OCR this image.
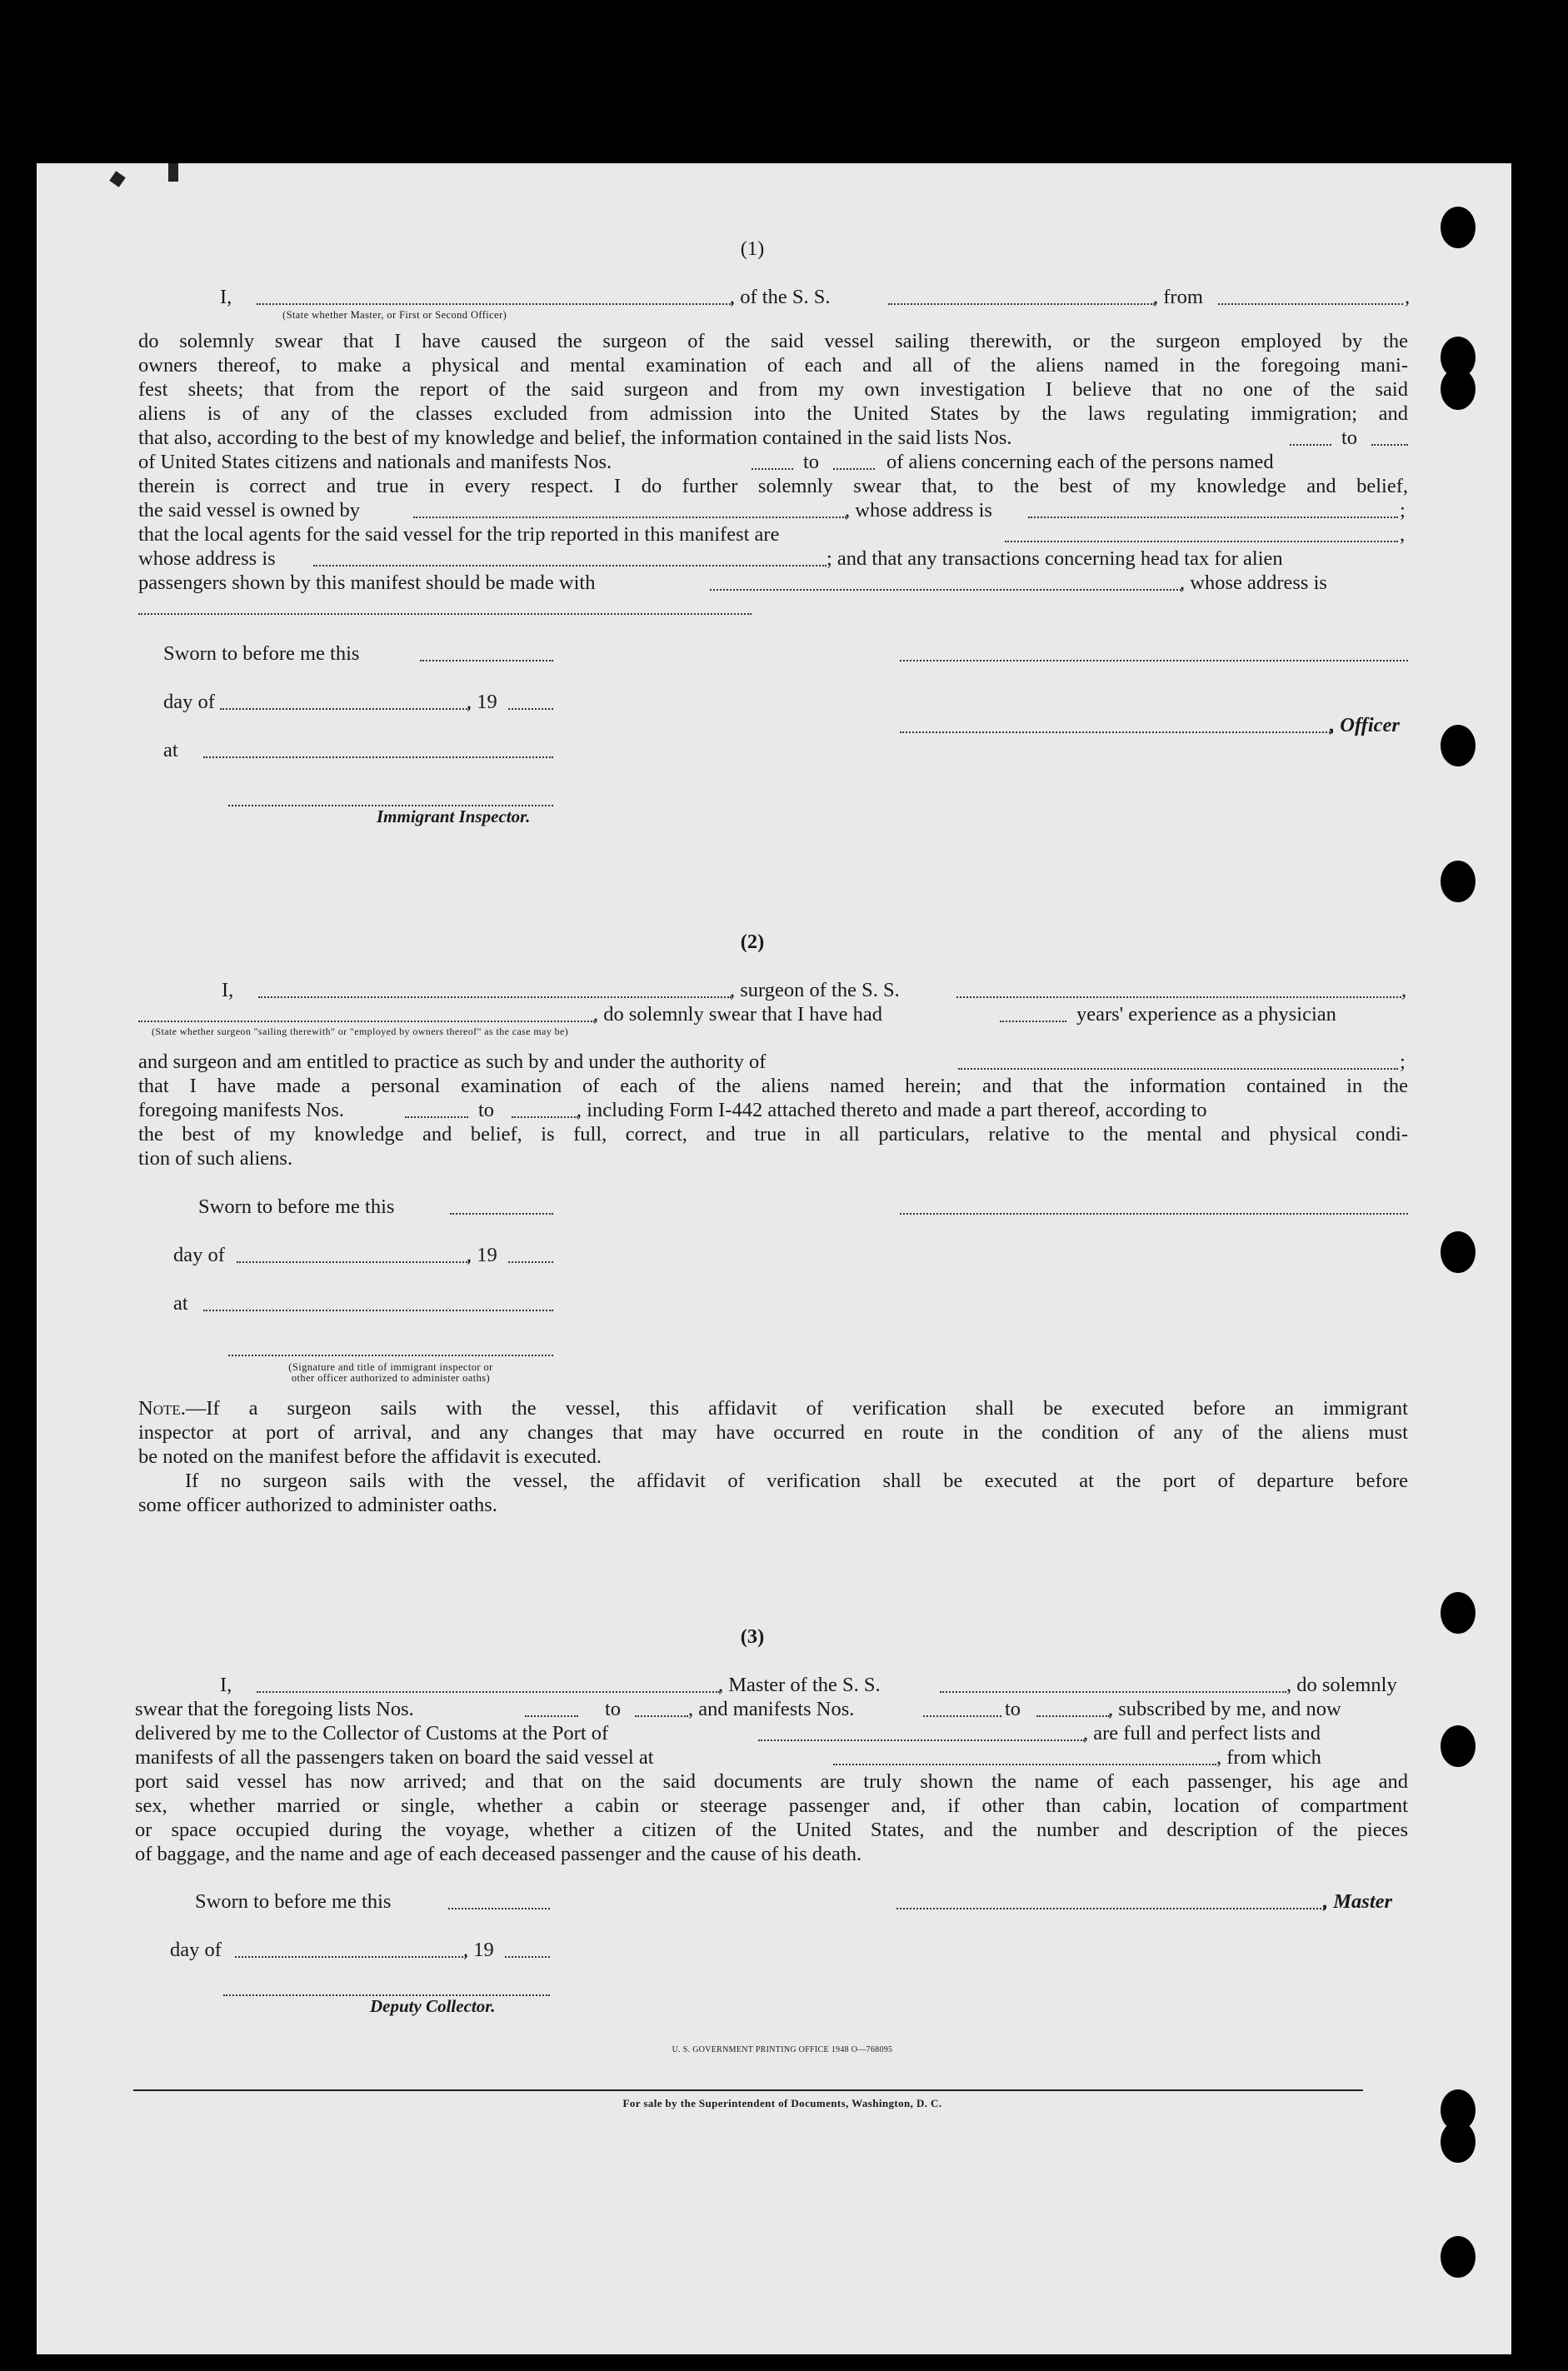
(1)
I,	, of the S. S.	, from	,
(State whether Master, or First or Second Officer)
do solemnly swear that I have caused the surgeon of the said vessel sailing therewith, or the surgeon employed by the
owners thereof, to make a physical and mental examination of each and all of the aliens named in the foregoing mani-
fest sheets; that from the report of the said surgeon and from my own investigation I believe that no one of the said
aliens is of any of the classes excluded from admission into the United States by the laws regulating immigration; and
that also, according to the best of my knowledge and belief, the information contained in the said lists Nos.	to
of United States citizens and nationals and manifests Nos.	to	of aliens concerning each of the persons named
therein is correct and true in every respect. I do further solemnly swear that, to the best of my knowledge and belief,
the said vessel is owned by	, whose address is	;
that the local agents for the said vessel for the trip reported in this manifest are	,
whose address is	; and that any transactions concerning head tax for alien
passengers shown by this manifest should be made with	, whose address is
Sworn to before me this
day of	, 19
, Officer
at
Immigrant Inspector.
(2)
I,	, surgeon of the S. S.	,
, do solemnly swear that I have had	years' experience as a physician
(State whether surgeon "sailing therewith" or "employed by owners thereof" as the case may be)
and surgeon and am entitled to practice as such by and under the authority of	;
that I have made a personal examination of each of the aliens named herein; and that the information contained in the
foregoing manifests Nos.	to	, including Form I-442 attached thereto and made a part thereof, according to
the best of my knowledge and belief, is full, correct, and true in all particulars, relative to the mental and physical condi-
tion of such aliens.
Sworn to before me this
day of	, 19
at
(Signature and title of immigrant inspector or
other officer authorized to administer oaths)
Note.—If a surgeon sails with the vessel, this affidavit of verification shall be executed before an immigrant
inspector at port of arrival, and any changes that may have occurred en route in the condition of any of the aliens must
be noted on the manifest before the affidavit is executed.
If no surgeon sails with the vessel, the affidavit of verification shall be executed at the port of departure before
some officer authorized to administer oaths.
(3)
I,	, Master of the S. S.	, do solemnly
swear that the foregoing lists Nos.	to	, and manifests Nos.	to	, subscribed by me, and now
delivered by me to the Collector of Customs at the Port of	, are full and perfect lists and
manifests of all the passengers taken on board the said vessel at	, from which
port said vessel has now arrived; and that on the said documents are truly shown the name of each passenger, his age and
sex, whether married or single, whether a cabin or steerage passenger and, if other than cabin, location of compartment
or space occupied during the voyage, whether a citizen of the United States, and the number and description of the pieces
of baggage, and the name and age of each deceased passenger and the cause of his death.
Sworn to before me this	, Master
day of	, 19
Deputy Collector.
U. S. GOVERNMENT PRINTING OFFICE 1948 O—768095
For sale by the Superintendent of Documents, Washington, D. C.
